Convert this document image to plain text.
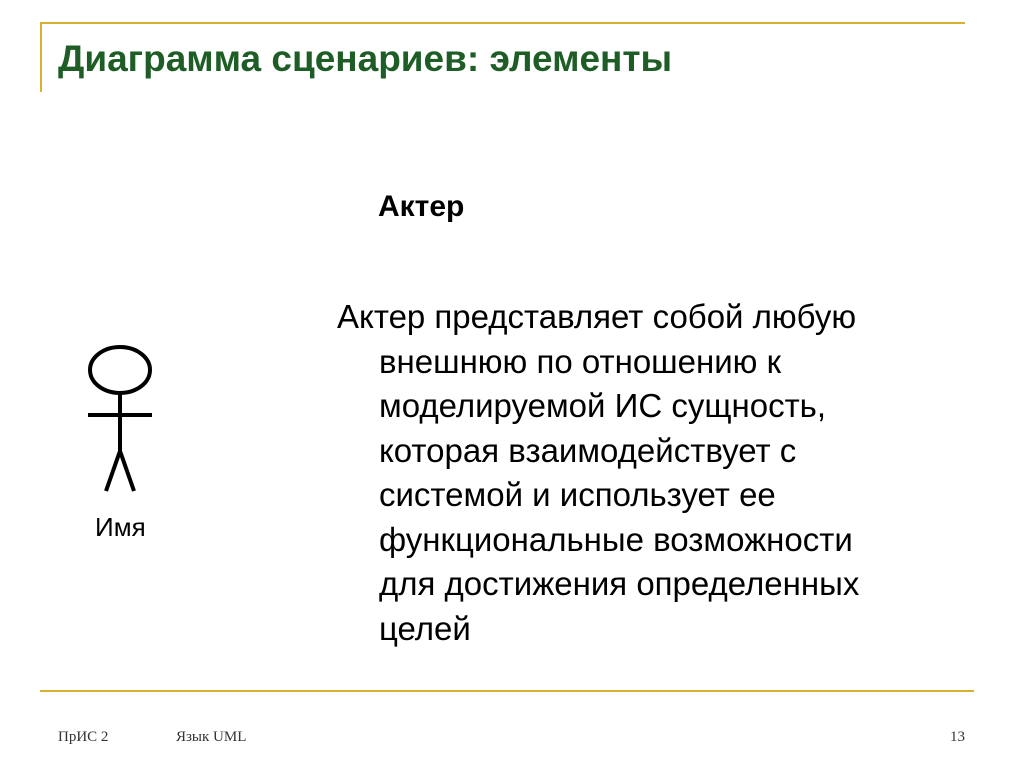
Диаграмма сценариев: элементы
Имя
Актер

Актер представляет собой любую
внешнюю по отношению к
моделируемой ИС сущность,
которая взаимодействует с
системой и использует ее
функциональные возможности
для достижения определенных
целей

ПрИС 2	Язык UML	13
